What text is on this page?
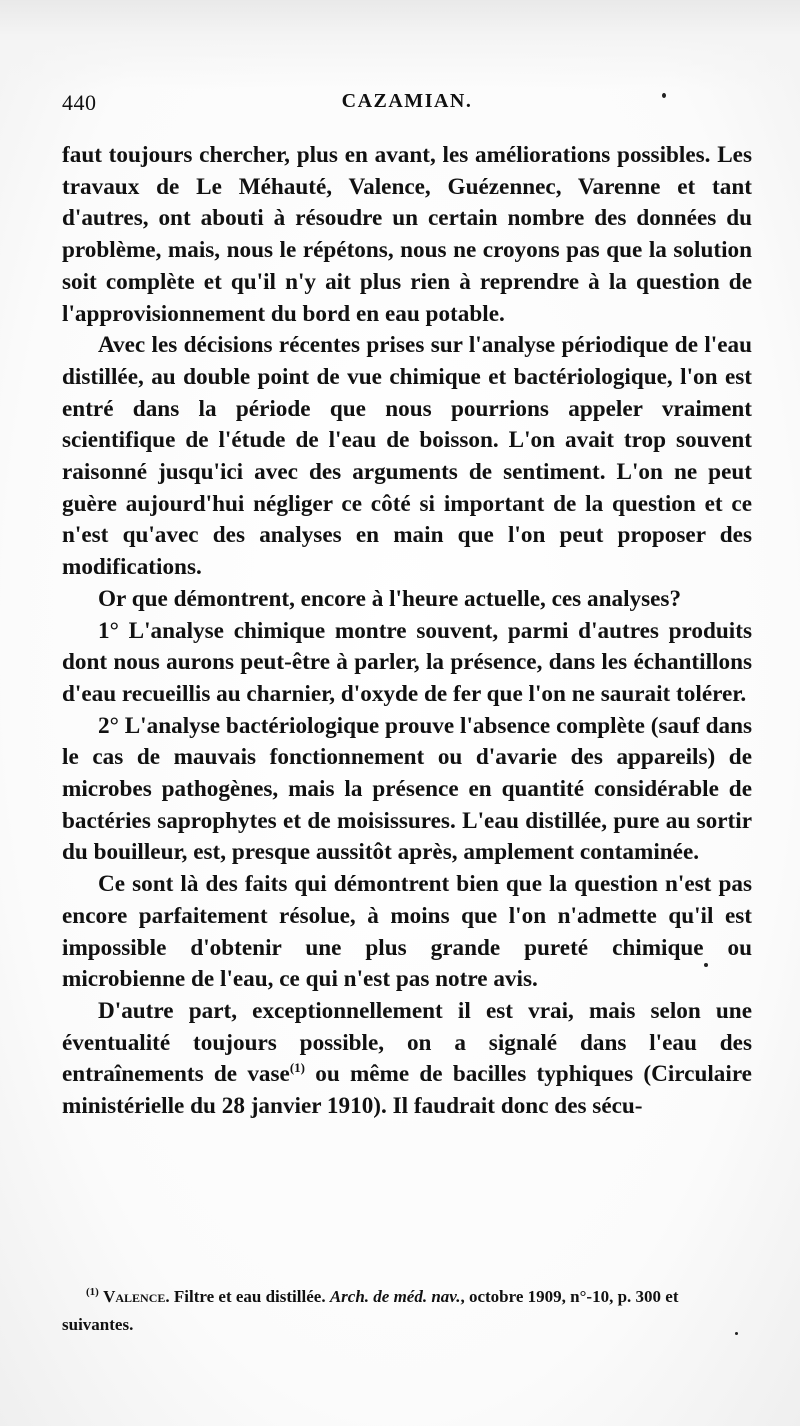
440	CAZAMIAN.

faut toujours chercher, plus en avant, les améliorations possibles. Les travaux de Le Méhauté, Valence, Guézennec, Varenne et tant d'autres, ont abouti à résoudre un certain nombre des données du problème, mais, nous le répétons, nous ne croyons pas que la solution soit complète et qu'il n'y ait plus rien à reprendre à la question de l'approvisionnement du bord en eau potable.

Avec les décisions récentes prises sur l'analyse périodique de l'eau distillée, au double point de vue chimique et bactériologique, l'on est entré dans la période que nous pourrions appeler vraiment scientifique de l'étude de l'eau de boisson. L'on avait trop souvent raisonné jusqu'ici avec des arguments de sentiment. L'on ne peut guère aujourd'hui négliger ce côté si important de la question et ce n'est qu'avec des analyses en main que l'on peut proposer des modifications.

Or que démontrent, encore à l'heure actuelle, ces analyses?

1° L'analyse chimique montre souvent, parmi d'autres produits dont nous aurons peut-être à parler, la présence, dans les échantillons d'eau recueillis au charnier, d'oxyde de fer que l'on ne saurait tolérer.

2° L'analyse bactériologique prouve l'absence complète (sauf dans le cas de mauvais fonctionnement ou d'avarie des appareils) de microbes pathogènes, mais la présence en quantité considérable de bactéries saprophytes et de moisissures. L'eau distillée, pure au sortir du bouilleur, est, presque aussitôt après, amplement contaminée.

Ce sont là des faits qui démontrent bien que la question n'est pas encore parfaitement résolue, à moins que l'on n'admette qu'il est impossible d'obtenir une plus grande pureté chimique ou microbienne de l'eau, ce qui n'est pas notre avis.

D'autre part, exceptionnellement il est vrai, mais selon une éventualité toujours possible, on a signalé dans l'eau des entraînements de vase$^{(1)}$ ou même de bacilles typhiques (Circulaire ministérielle du 28 janvier 1910). Il faudrait donc des sécu-

$^{(1)}$ Valence. Filtre et eau distillée. Arch. de méd. nav., octobre 1909, n°-10, p. 300 et suivantes.
